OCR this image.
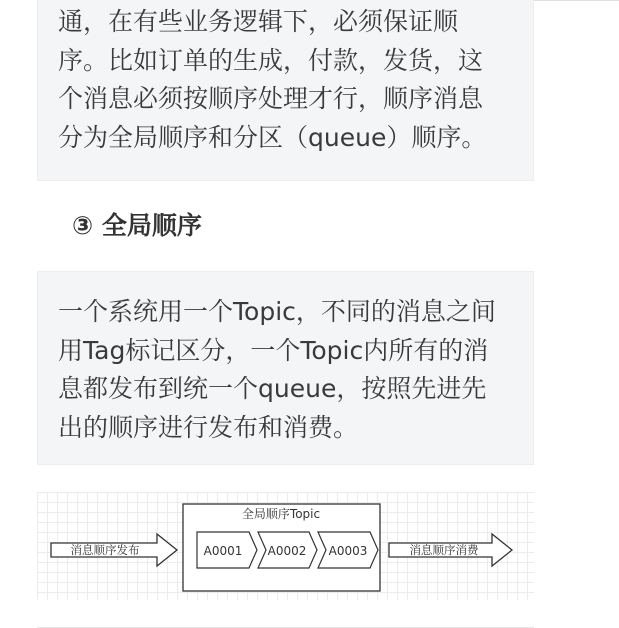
通，在有些业务逻辑下，必须保证顺

序。比如订单的生成，付款，发货，这

个消息必须按顺序处理才行，顺序消息

分为全局顺序和分区（queue）顺序。

③ 全局顺序

一个系统用一个Topic，不同的消息之间

用Tag标记区分，一个Topic内所有的消

息都发布到统一个queue，按照先进先

出的顺序进行发布和消费。

消息顺序发布
全局顺序Topic
A0001 A0002 A0003	消息顺序消费
